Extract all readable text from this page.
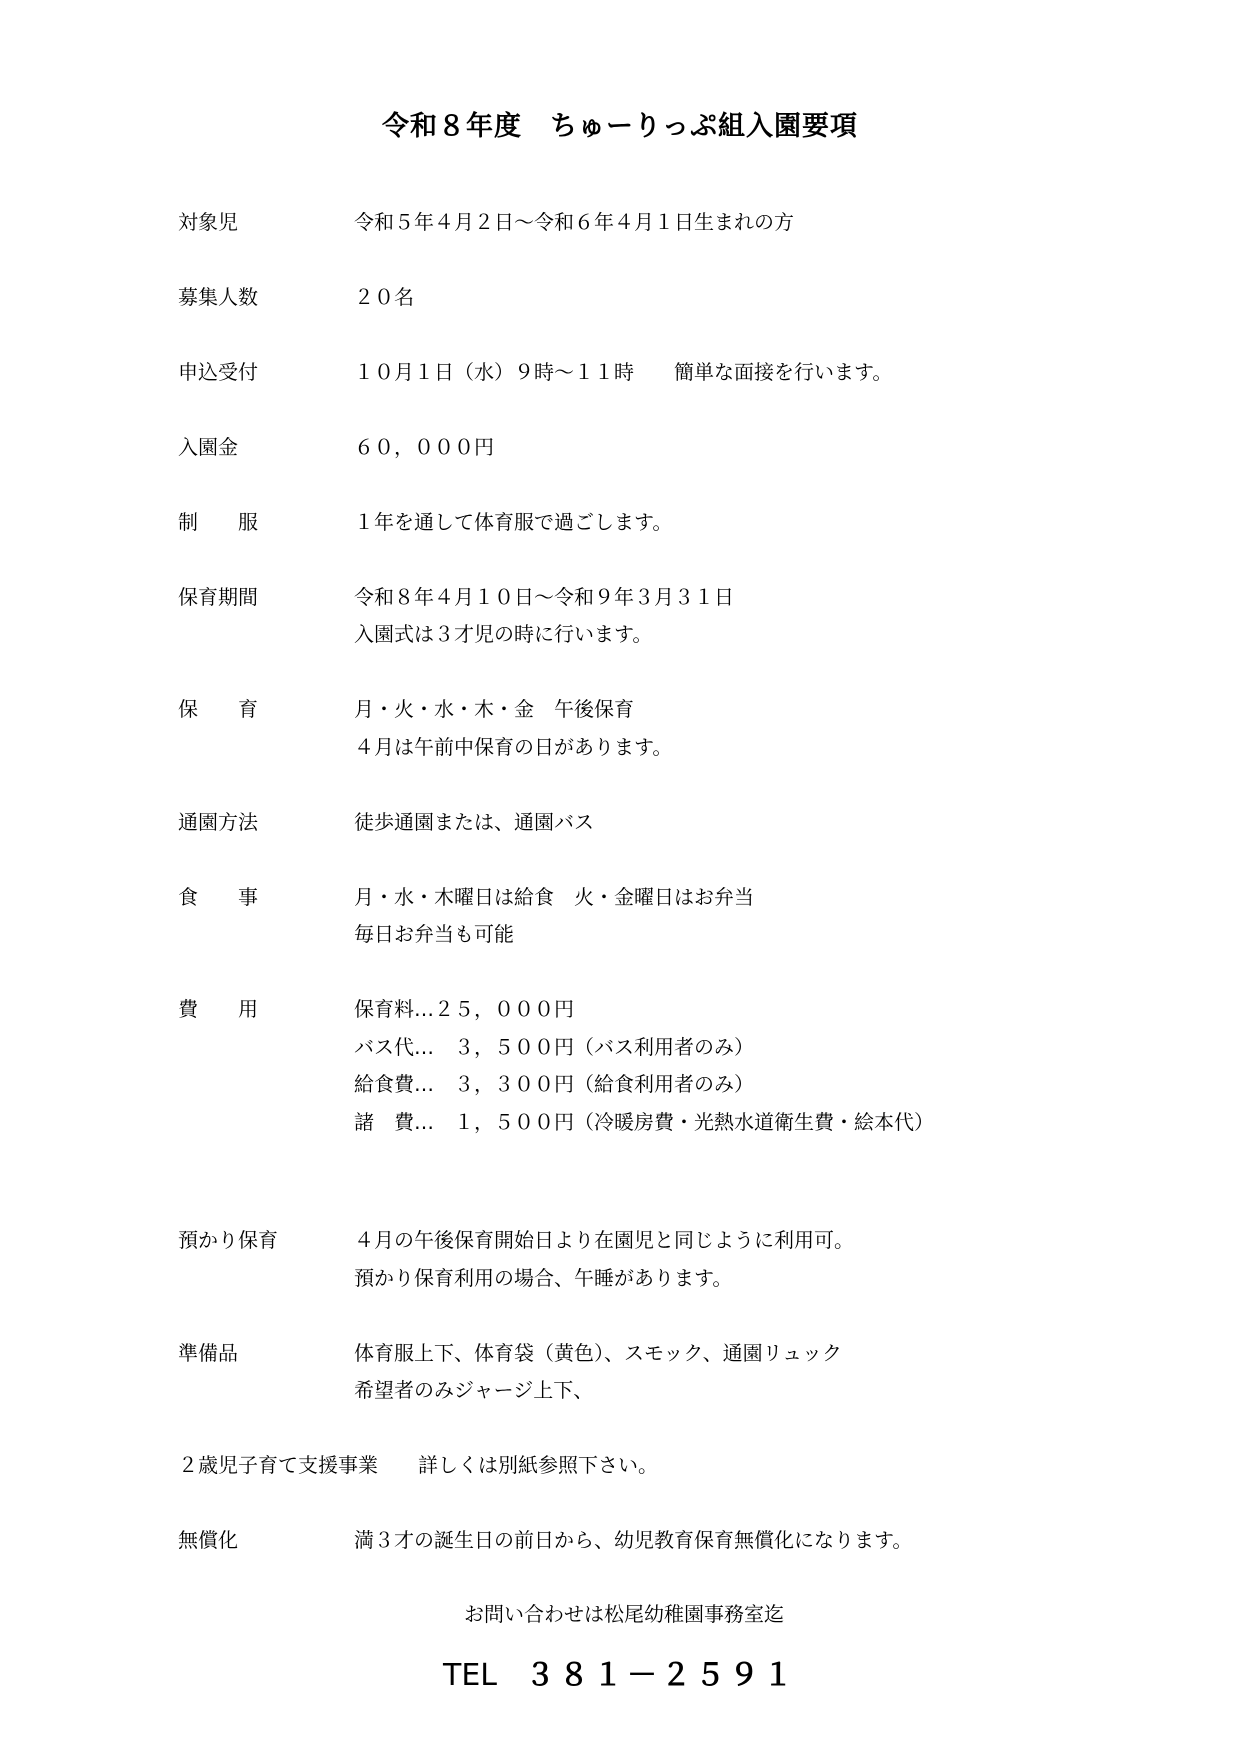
令和８年度　ちゅーりっぷ組入園要項
対象児	令和５年４月２日～令和６年４月１日生まれの方
募集人数	２０名
申込受付	１０月１日（水）９時～１１時　　簡単な面接を行います。
入園金	６０，０００円
制　　服	１年を通して体育服で過ごします。
保育期間	令和８年４月１０日～令和９年３月３１日
入園式は３才児の時に行います。
保　　育	月・火・水・木・金　午後保育
４月は午前中保育の日があります。
通園方法	徒歩通園または、通園バス
食　　事	月・水・木曜日は給食　火・金曜日はお弁当
毎日お弁当も可能
費　　用	保育料…２５，０００円
バス代…　３，５００円（バス利用者のみ）
給食費…　３，３００円（給食利用者のみ）
諸　費…　１，５００円（冷暖房費・光熱水道衛生費・絵本代）
預かり保育	４月の午後保育開始日より在園児と同じように利用可。
預かり保育利用の場合、午睡があります。
準備品	体育服上下、体育袋（黄色）、スモック、通園リュック
希望者のみジャージ上下、
２歳児子育て支援事業　　詳しくは別紙参照下さい。
無償化	満３才の誕生日の前日から、幼児教育保育無償化になります。
お問い合わせは松尾幼稚園事務室迄
TEL ３８１－２５９１
